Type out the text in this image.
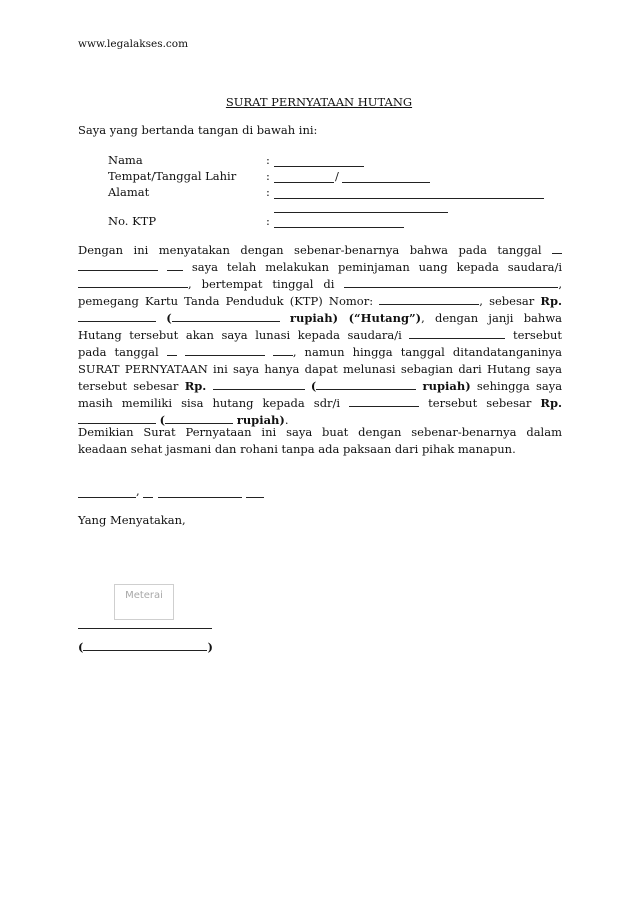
www.legalakses.com
SURAT PERNYATAAN HUTANG
Saya yang bertanda tangan di bawah ini:
Nama	:
Tempat/Tanggal Lahir	:	/
Alamat	:
No. KTP	:
Dengan ini menyatakan dengan sebenar-benarnya bahwa pada tanggal    saya telah melakukan peminjaman uang kepada saudara/i , bertempat tinggal di	, pemegang Kartu Tanda Penduduk (KTP) Nomor:	, sebesar Rp.  (	rupiah) (“Hutang”), dengan janji bahwa Hutang tersebut akan saya lunasi kepada saudara/i	tersebut pada tanggal	, namun hingga tanggal ditandatanganinya SURAT PERNYATAAN ini saya hanya dapat melunasi sebagian dari Hutang saya tersebut sebesar Rp.	(	rupiah) sehingga saya masih memiliki sisa hutang kepada sdr/i	tersebut sebesar Rp.  (	rupiah).
Demikian Surat Pernyataan ini saya buat dengan sebenar-benarnya dalam keadaan sehat jasmani dan rohani tanpa ada paksaan dari pihak manapun.
,
Yang Menyatakan,
Meterai
(	)
